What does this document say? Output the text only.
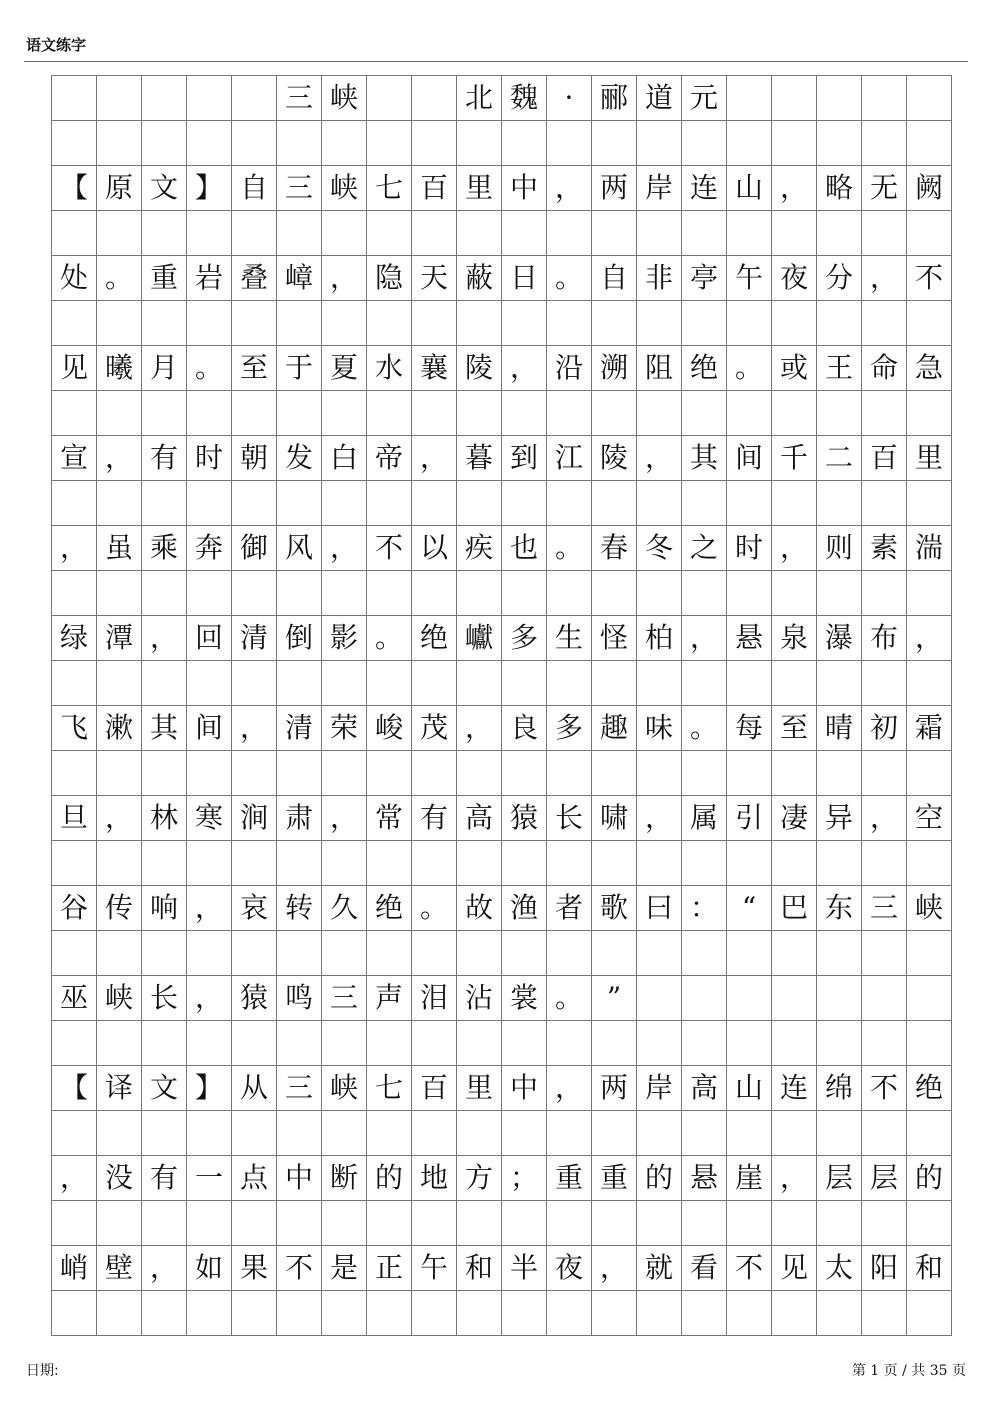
语文练字
三 峡	北 魏 · 郦 道 元
【 原 文 】 自 三 峡 七 百 里 中 ， 两 岸 连 山 ， 略 无 阙
处 。 重 岩 叠 嶂 ， 隐 天 蔽 日 。 自 非 亭 午 夜 分 ， 不
见 曦 月 。 至 于 夏 水 襄 陵 ， 沿 溯 阻 绝 。 或 王 命 急
宣 ， 有 时 朝 发 白 帝 ， 暮 到 江 陵 ， 其 间 千 二 百 里
， 虽 乘 奔 御 风 ， 不 以 疾 也 。 春 冬 之 时 ， 则 素 湍
绿 潭 ， 回 清 倒 影 。 绝 巘 多 生 怪 柏 ， 悬 泉 瀑 布 ，
飞 漱 其 间 ， 清 荣 峻 茂 ， 良 多 趣 味 。 每 至 晴 初 霜
旦 ， 林 寒 涧 肃 ， 常 有 高 猿 长 啸 ， 属 引 凄 异 ， 空
谷 传 响 ， 哀 转 久 绝 。 故 渔 者 歌 曰 ： “ 巴 东 三 峡
巫 峡 长 ， 猿 鸣 三 声 泪 沾 裳 。 ”
【 译 文 】 从 三 峡 七 百 里 中 ， 两 岸 高 山 连 绵 不 绝
， 没 有 一 点 中 断 的 地 方 ； 重 重 的 悬 崖 ， 层 层 的
峭 壁 ， 如 果 不 是 正 午 和 半 夜 ， 就 看 不 见 太 阳 和
日期:	第 1 页 / 共 35 页
